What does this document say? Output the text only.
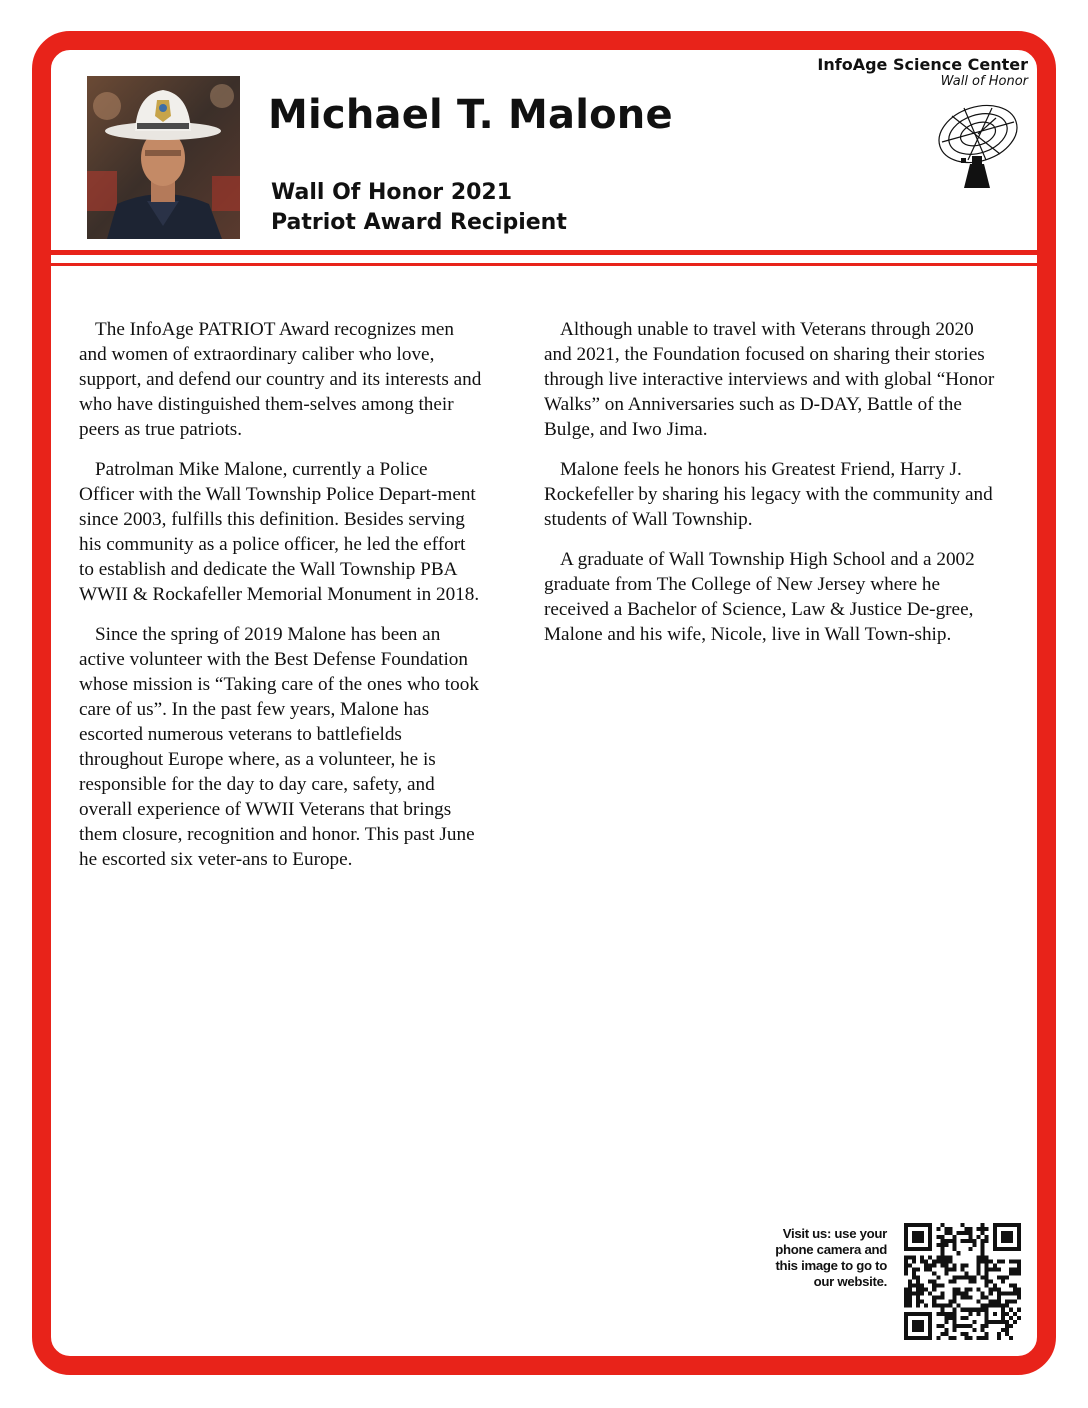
Michael T. Malone
Wall Of Honor 2021
Patriot Award Recipient
InfoAge Science Center
Wall of Honor

The InfoAge PATRIOT Award recognizes men and women of extraordinary caliber who love, support, and defend our country and its interests and who have distinguished them-selves among their peers as true patriots.

Patrolman Mike Malone, currently a Police Officer with the Wall Township Police Depart-ment since 2003, fulfills this definition. Besides serving his community as a police officer, he led the effort to establish and dedicate the Wall Township PBA WWII & Rockafeller Memorial Monument in 2018.

Since the spring of 2019 Malone has been an active volunteer with the Best Defense Foundation whose mission is “Taking care of the ones who took care of us”. In the past few years, Malone has escorted numerous veterans to battlefields throughout Europe where, as a volunteer, he is responsible for the day to day care, safety, and overall experience of WWII Veterans that brings them closure, recognition and honor. This past June he escorted six veter-ans to Europe.

Although unable to travel with Veterans through 2020 and 2021, the Foundation focused on sharing their stories through live interactive interviews and with global “Honor Walks” on Anniversaries such as D-DAY, Battle of the Bulge, and Iwo Jima.

Malone feels he honors his Greatest Friend, Harry J. Rockefeller by sharing his legacy with the community and students of Wall Township.

A graduate of Wall Township High School and a 2002 graduate from The College of New Jersey where he received a Bachelor of Science, Law & Justice De-gree, Malone and his wife, Nicole, live in Wall Town-ship.

Visit us: use your phone camera and this image to go to our website.
